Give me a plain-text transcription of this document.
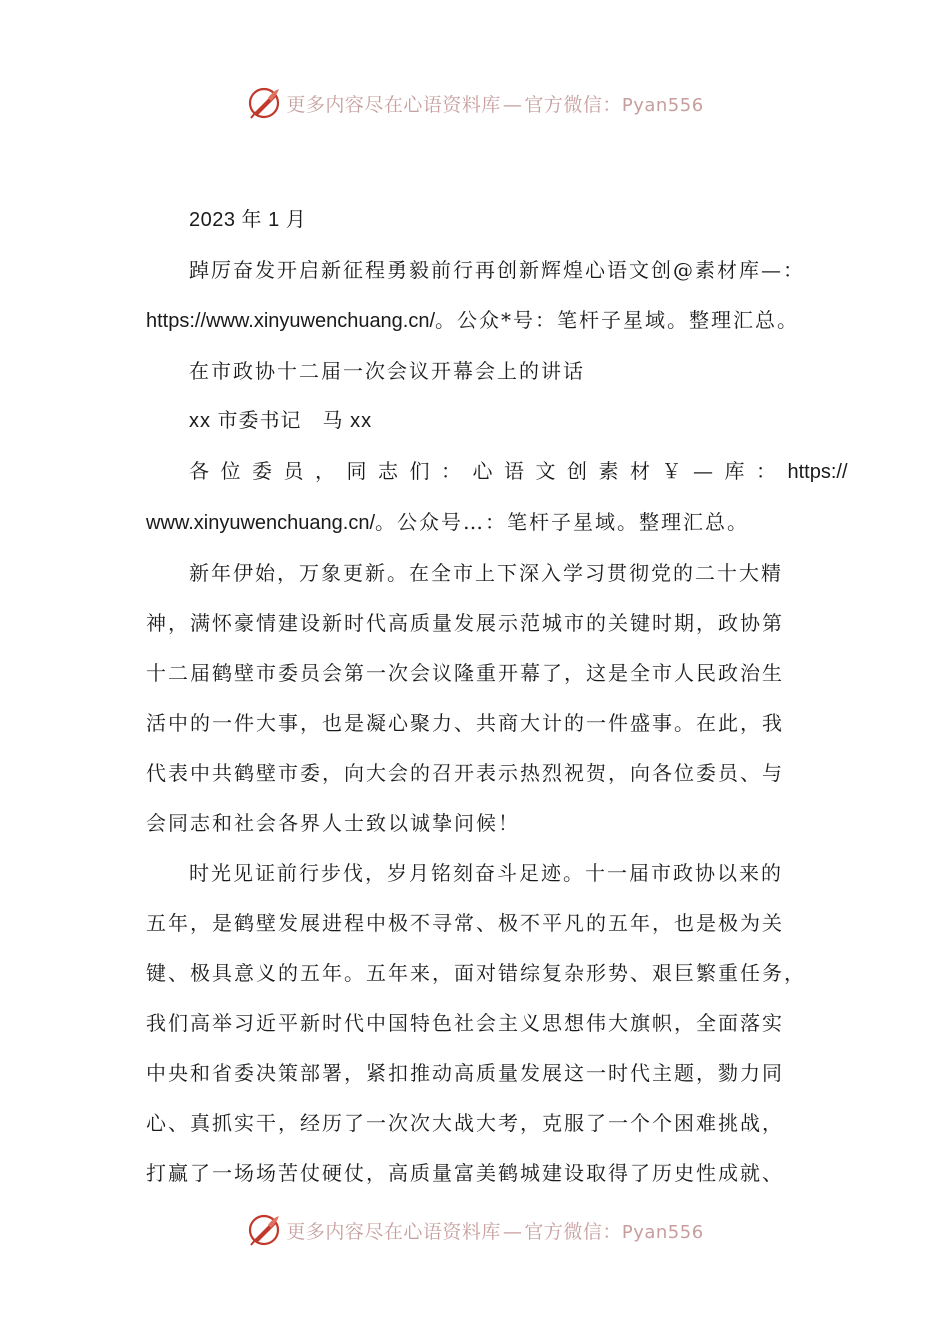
更多内容尽在心语资料库 — 官方微信：Pyan556

2023 年 1 月

踔厉奋发开启新征程勇毅前行再创新辉煌心语文创@素材库—：

https://www.xinyuwenchuang.cn/。公众*号：笔杆子星域。整理汇总。

在市政协十二届一次会议开幕会上的讲话

xx 市委书记　马 xx

各位委员，同志们：心语文创素材￥—库：https://

www.xinyuwenchuang.cn/。公众号…：笔杆子星域。整理汇总。

新年伊始，万象更新。在全市上下深入学习贯彻党的二十大精

神，满怀豪情建设新时代高质量发展示范城市的关键时期，政协第

十二届鹤壁市委员会第一次会议隆重开幕了，这是全市人民政治生

活中的一件大事，也是凝心聚力、共商大计的一件盛事。在此，我

代表中共鹤壁市委，向大会的召开表示热烈祝贺，向各位委员、与

会同志和社会各界人士致以诚挚问候！

时光见证前行步伐，岁月铭刻奋斗足迹。十一届市政协以来的

五年，是鹤壁发展进程中极不寻常、极不平凡的五年，也是极为关

键、极具意义的五年。五年来，面对错综复杂形势、艰巨繁重任务，

我们高举习近平新时代中国特色社会主义思想伟大旗帜，全面落实

中央和省委决策部署，紧扣推动高质量发展这一时代主题，勠力同

心、真抓实干，经历了一次次大战大考，克服了一个个困难挑战，

打赢了一场场苦仗硬仗，高质量富美鹤城建设取得了历史性成就、

更多内容尽在心语资料库 — 官方微信：Pyan556
